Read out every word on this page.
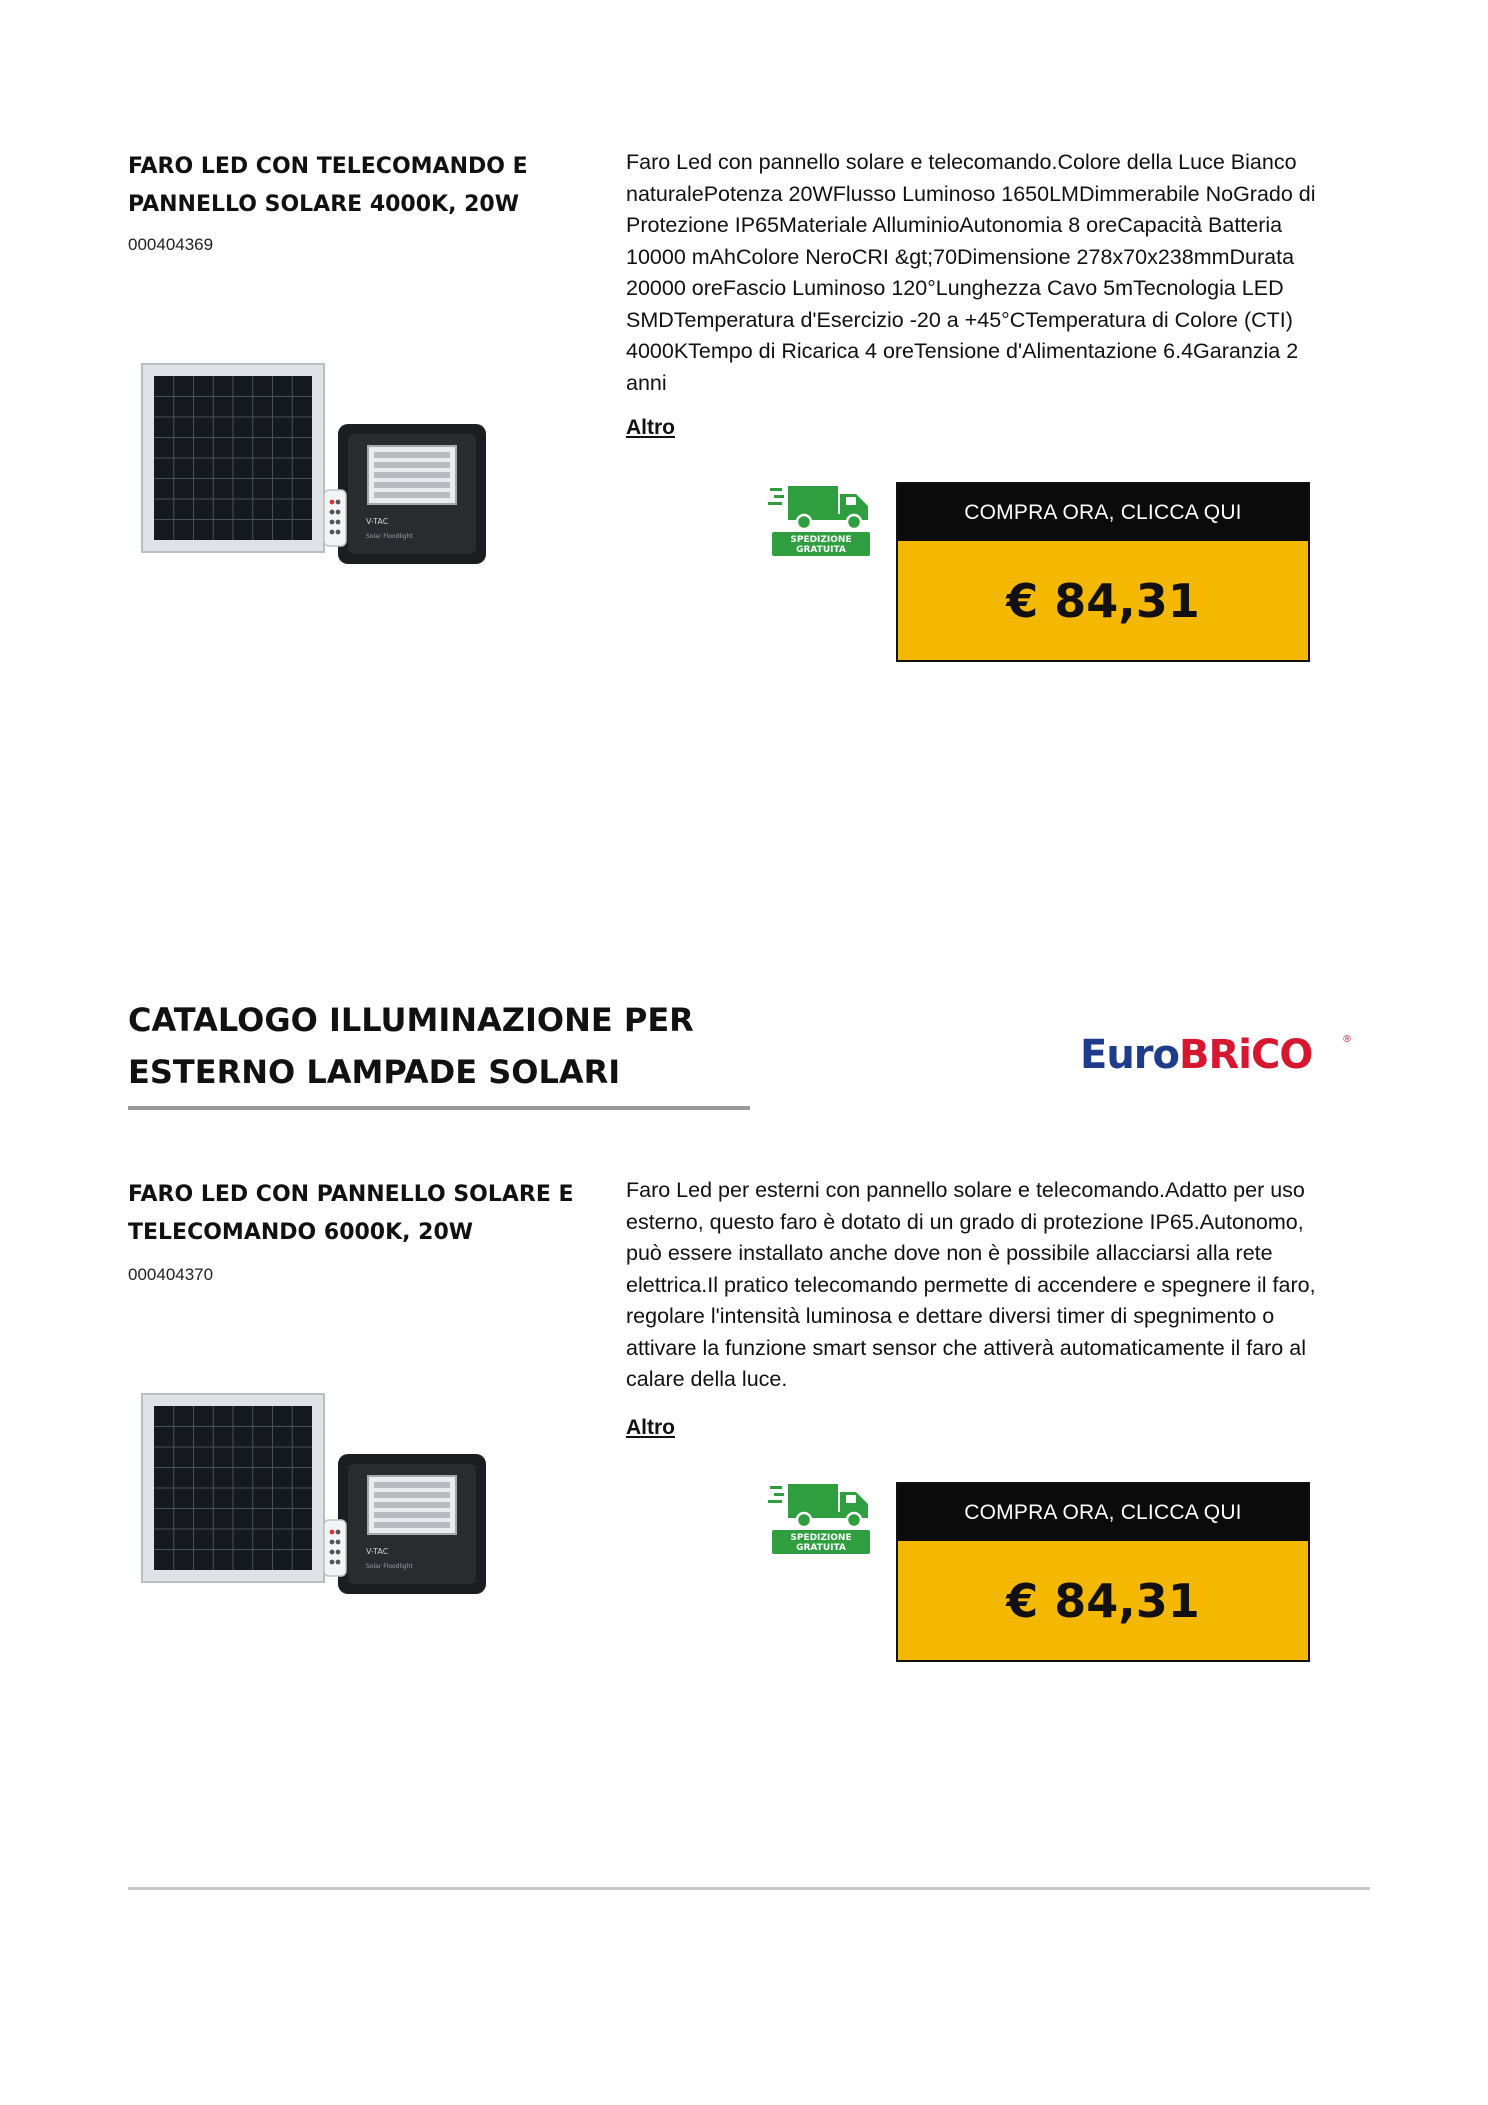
FARO LED CON TELECOMANDO E PANNELLO SOLARE 4000K, 20W
000404369
V-TAC
Solar Floodlight

Faro Led con pannello solare e telecomando.Colore della Luce Bianco naturalePotenza 20WFlusso Luminoso 1650LMDimmerabile NoGrado di Protezione IP65Materiale AlluminioAutonomia 8 oreCapacità Batteria 10000 mAhColore NeroCRI &gt;70Dimensione 278x70x238mmDurata 20000 oreFascio Luminoso 120°Lunghezza Cavo 5mTecnologia LED SMDTemperatura d'Esercizio -20 a +45°CTemperatura di Colore (CTI) 4000KTempo di Ricarica 4 oreTensione d'Alimentazione 6.4Garanzia 2 anni

Altro
SPEDIZIONE
GRATUITA
COMPRA ORA, CLICCA QUI
€ 84,31
CATALOGO ILLUMINAZIONE PER ESTERNO LAMPADE SOLARI	EuroBRiCO	®
FARO LED CON PANNELLO SOLARE E TELECOMANDO 6000K, 20W
000404370
V-TAC
Solar Floodlight

Faro Led per esterni con pannello solare e telecomando.Adatto per uso esterno, questo faro è dotato di un grado di protezione IP65.Autonomo, può essere installato anche dove non è possibile allacciarsi alla rete elettrica.Il pratico telecomando permette di accendere e spegnere il faro, regolare l'intensità luminosa e dettare diversi timer di spegnimento o attivare la funzione smart sensor che attiverà automaticamente il faro al calare della luce.

Altro
SPEDIZIONE
GRATUITA
COMPRA ORA, CLICCA QUI
€ 84,31
